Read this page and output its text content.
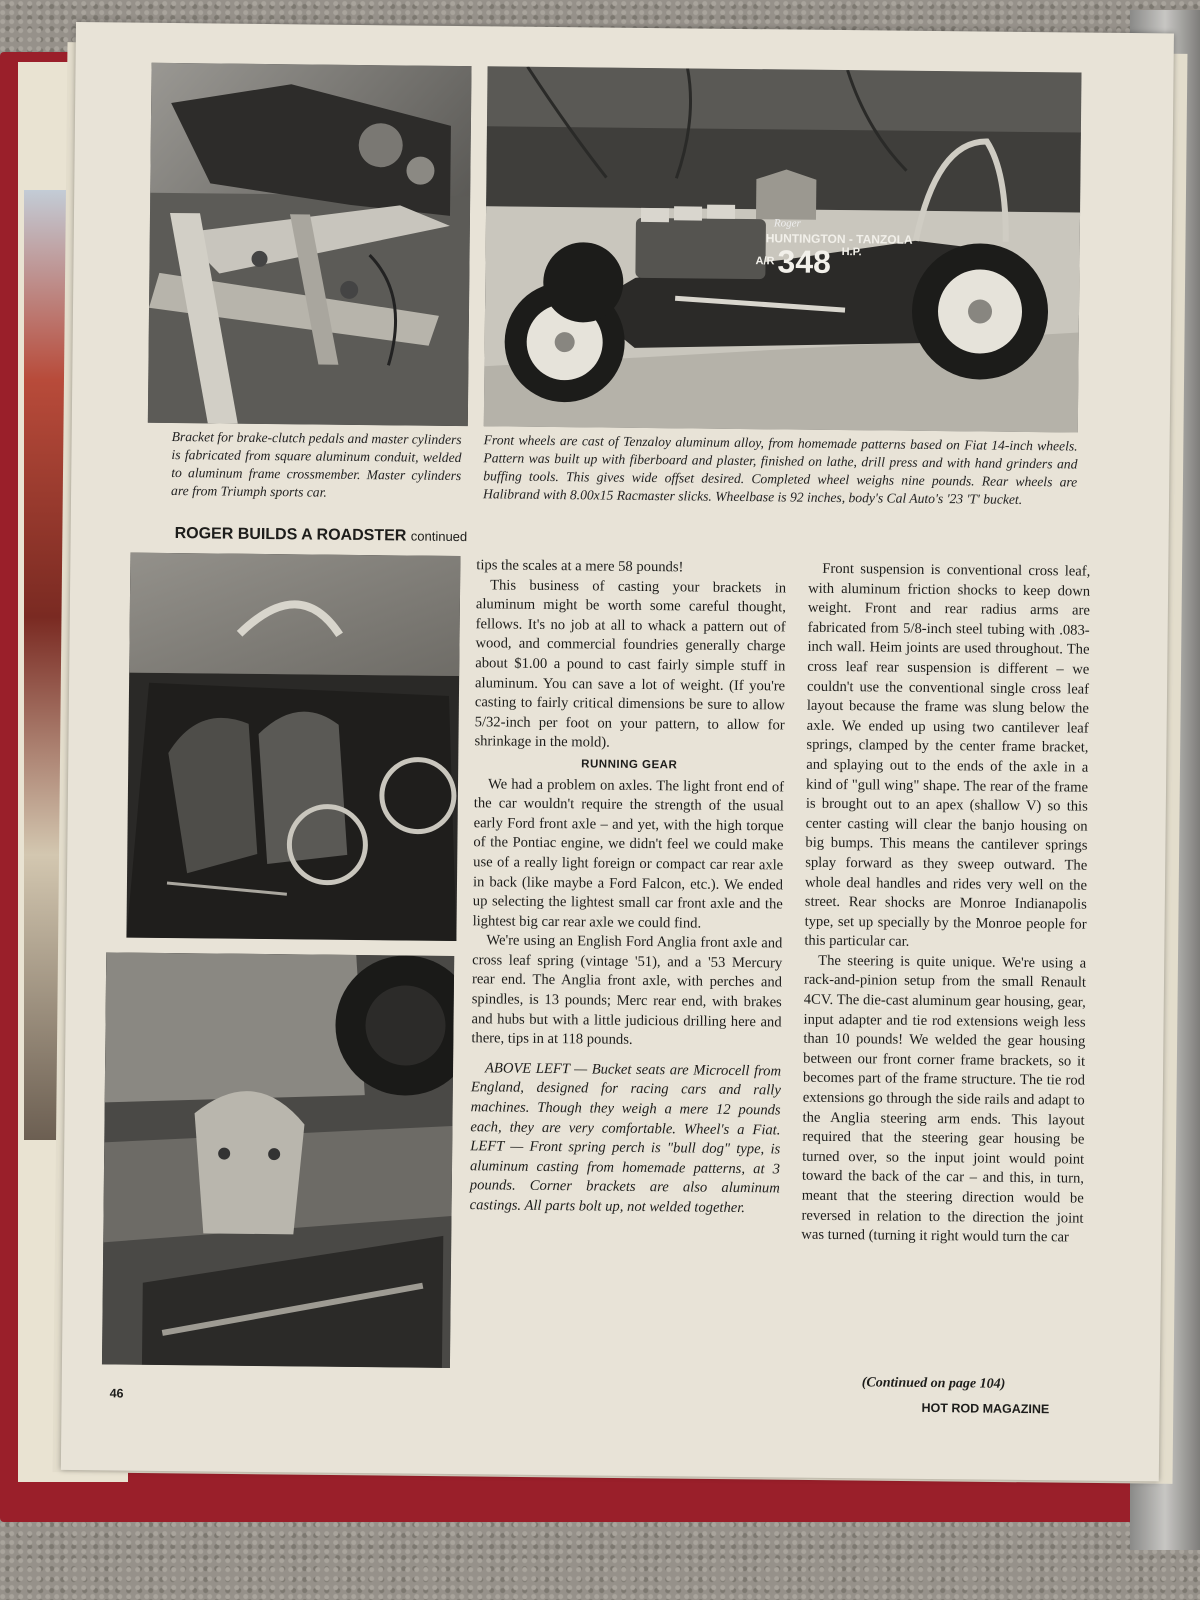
Roger
HUNTINGTON - TANZOLA
A/R 348 H.P.

Bracket for brake-clutch pedals and master cylinders is fabricated from square aluminum conduit, welded to aluminum frame crossmember. Master cylinders are from Triumph sports car.

Front wheels are cast of Tenzaloy aluminum alloy, from homemade patterns based on Fiat 14-inch wheels. Pattern was built up with fiberboard and plaster, finished on lathe, drill press and with hand grinders and buffing tools. This gives wide offset desired. Completed wheel weighs nine pounds. Rear wheels are Halibrand with 8.00x15 Racmaster slicks. Wheelbase is 92 inches, body's Cal Auto's '23 'T' bucket.

ROGER BUILDS A ROADSTER continued

tips the scales at a mere 58 pounds!

This business of casting your brackets in aluminum might be worth some careful thought, fellows. It's no job at all to whack a pattern out of wood, and commercial foundries generally charge about $1.00 a pound to cast fairly simple stuff in aluminum. You can save a lot of weight. (If you're casting to fairly critical dimensions be sure to allow 5/32-inch per foot on your pattern, to allow for shrinkage in the mold).

RUNNING GEAR

We had a problem on axles. The light front end of the car wouldn't require the strength of the usual early Ford front axle – and yet, with the high torque of the Pontiac engine, we didn't feel we could make use of a really light foreign or compact car rear axle in back (like maybe a Ford Falcon, etc.). We ended up selecting the lightest small car front axle and the lightest big car rear axle we could find.

We're using an English Ford Anglia front axle and cross leaf spring (vintage '51), and a '53 Mercury rear end. The Anglia front axle, with perches and spindles, is 13 pounds; Merc rear end, with brakes and hubs but with a little judicious drilling here and there, tips in at 118 pounds.

ABOVE LEFT — Bucket seats are Microcell from England, designed for racing cars and rally machines. Though they weigh a mere 12 pounds each, they are very comfortable. Wheel's a Fiat. LEFT — Front spring perch is "bull dog" type, is aluminum casting from homemade patterns, at 3 pounds. Corner brackets are also aluminum castings. All parts bolt up, not welded together.

Front suspension is conventional cross leaf, with aluminum friction shocks to keep down weight. Front and rear radius arms are fabricated from 5/8-inch steel tubing with .083-inch wall. Heim joints are used throughout. The cross leaf rear suspension is different – we couldn't use the conventional single cross leaf layout because the frame was slung below the axle. We ended up using two cantilever leaf springs, clamped by the center frame bracket, and splaying out to the ends of the axle in a kind of "gull wing" shape. The rear of the frame is brought out to an apex (shallow V) so this center casting will clear the banjo housing on big bumps. This means the cantilever springs splay forward as they sweep outward. The whole deal handles and rides very well on the street. Rear shocks are Monroe Indianapolis type, set up specially by the Monroe people for this particular car.

The steering is quite unique. We're using a rack-and-pinion setup from the small Renault 4CV. The die-cast aluminum gear housing, gear, input adapter and tie rod extensions weigh less than 10 pounds! We welded the gear housing between our front corner frame brackets, so it becomes part of the frame structure. The tie rod extensions go through the side rails and adapt to the Anglia steering arm ends. This layout required that the steering gear housing be turned over, so the input joint would point toward the back of the car – and this, in turn, meant that the steering direction would be reversed in relation to the direction the joint was turned (turning it right would turn the car

(Continued on page 104)
46
HOT ROD MAGAZINE
